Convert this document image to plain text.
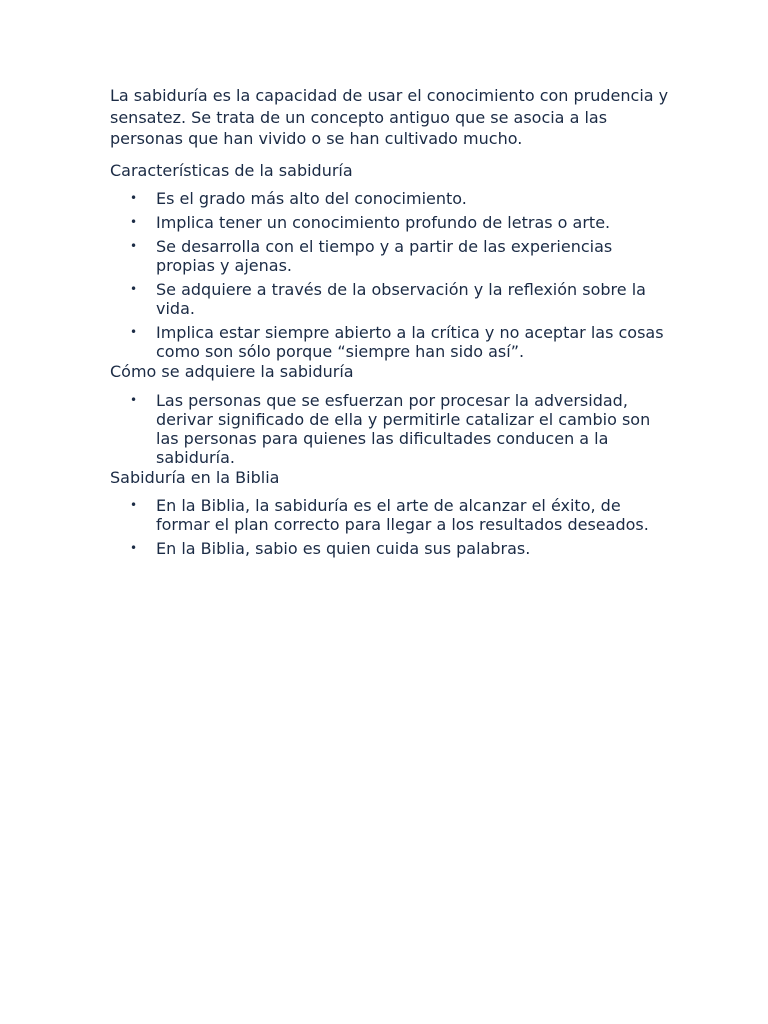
La sabiduría es la capacidad de usar el conocimiento con prudencia y sensatez. Se trata de un concepto antiguo que se asocia a las personas que han vivido o se han cultivado mucho.

Características de la sabiduría
• Es el grado más alto del conocimiento.
• Implica tener un conocimiento profundo de letras o arte.
• Se desarrolla con el tiempo y a partir de las experiencias propias y ajenas.
• Se adquiere a través de la observación y la reflexión sobre la vida.
• Implica estar siempre abierto a la crítica y no aceptar las cosas como son sólo porque “siempre han sido así”.
Cómo se adquiere la sabiduría
• Las personas que se esfuerzan por procesar la adversidad, derivar significado de ella y permitirle catalizar el cambio son las personas para quienes las dificultades conducen a la sabiduría.
Sabiduría en la Biblia
• En la Biblia, la sabiduría es el arte de alcanzar el éxito, de formar el plan correcto para llegar a los resultados deseados.
• En la Biblia, sabio es quien cuida sus palabras.
